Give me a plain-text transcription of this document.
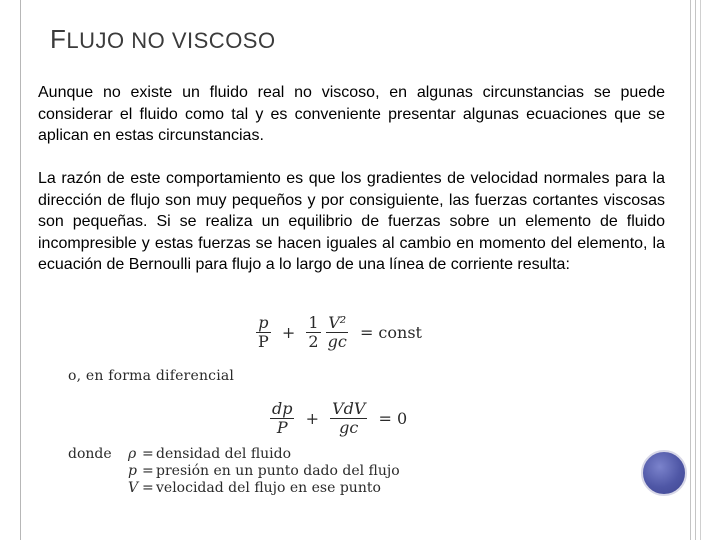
FLUJO NO VISCOSO
Aunque no existe un fluido real no viscoso, en algunas circunstancias se puede considerar el fluido como tal y es conveniente presentar algunas ecuaciones que se aplican en estas circunstancias.
La razón de este comportamiento es que los gradientes de velocidad normales para la dirección de flujo son muy pequeños y por consiguiente, las fuerzas cortantes viscosas son pequeñas. Si se realiza un equilibrio de fuerzas sobre un elemento de fluido incompresible y estas fuerzas se hacen iguales al cambio en momento del elemento, la ecuación de Bernoulli para flujo a lo largo de una línea de corriente resulta:
$\frac{p}{P} + \frac{1}{2}$
$\frac{\text{V²}}{gc}$ = const
o, en forma diferencial
$\frac{dp}{P} + \frac{\text{VdV}}{gc} = 0$
donde ρ = densidad del fluido
p = presión en un punto dado del flujo
V = velocidad del flujo en ese punto
